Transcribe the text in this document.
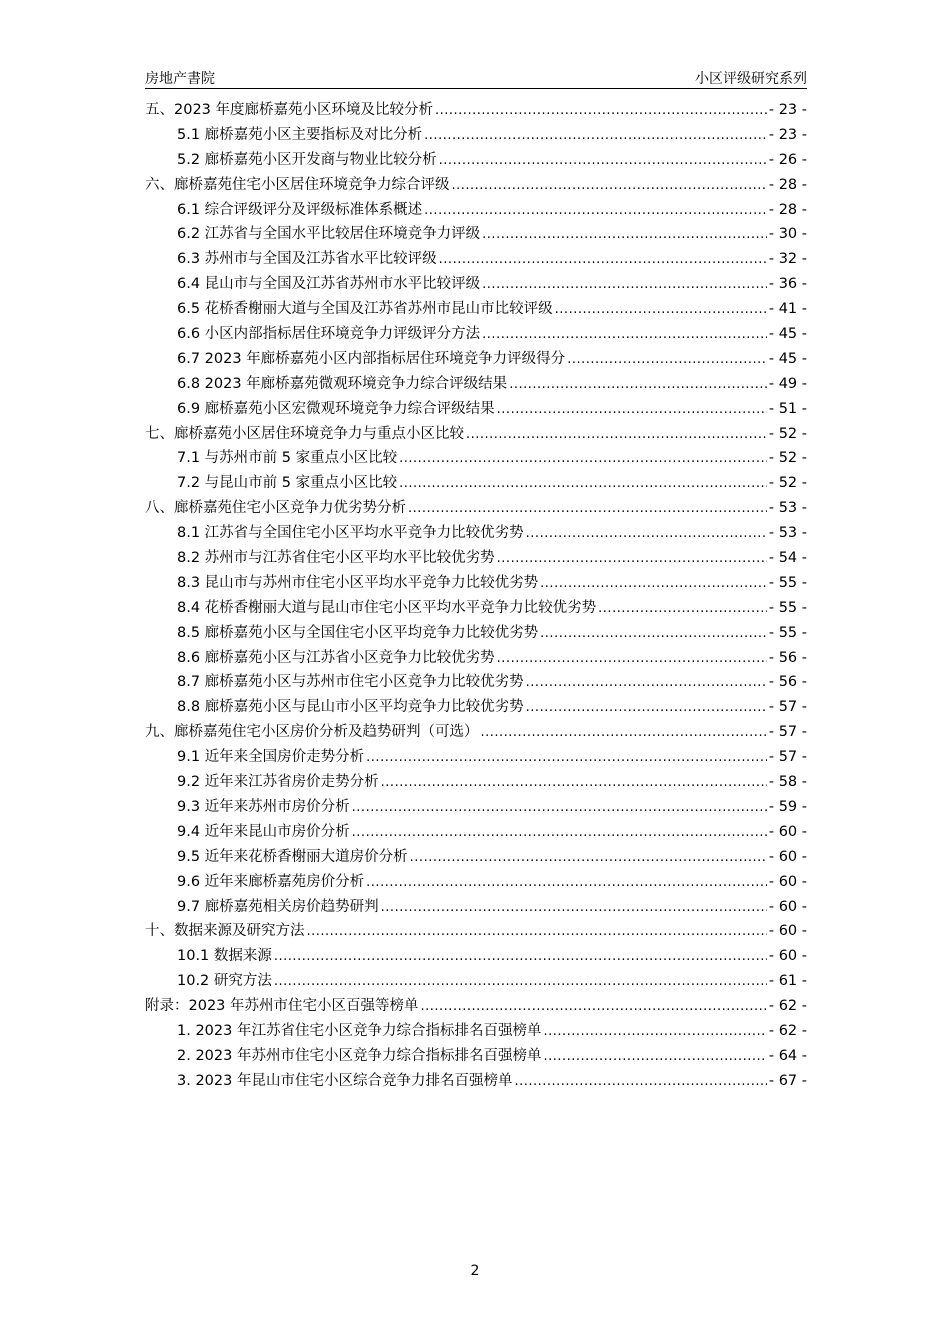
房地产書院	小区评级研究系列
五、2023 年度廊桥嘉苑小区环境及比较分析 .....	- 23 -
5.1 廊桥嘉苑小区主要指标及对比分析 .....	- 23 -
5.2 廊桥嘉苑小区开发商与物业比较分析 .....	- 26 -
六、廊桥嘉苑住宅小区居住环境竞争力综合评级 .....	- 28 -
6.1 综合评级评分及评级标准体系概述 .....	- 28 -
6.2 江苏省与全国水平比较居住环境竞争力评级 .....	- 30 -
6.3 苏州市与全国及江苏省水平比较评级 .....	- 32 -
6.4 昆山市与全国及江苏省苏州市水平比较评级 .....	- 36 -
6.5 花桥香榭丽大道与全国及江苏省苏州市昆山市比较评级 .....	- 41 -
6.6 小区内部指标居住环境竞争力评级评分方法 .....	- 45 -
6.7 2023 年廊桥嘉苑小区内部指标居住环境竞争力评级得分 .....	- 45 -
6.8 2023 年廊桥嘉苑微观环境竞争力综合评级结果 .....	- 49 -
6.9 廊桥嘉苑小区宏微观环境竞争力综合评级结果 .....	- 51 -
七、廊桥嘉苑小区居住环境竞争力与重点小区比较 .....	- 52 -
7.1 与苏州市前 5 家重点小区比较 .....	- 52 -
7.2 与昆山市前 5 家重点小区比较 .....	- 52 -
八、廊桥嘉苑住宅小区竞争力优劣势分析 .....	- 53 -
8.1 江苏省与全国住宅小区平均水平竞争力比较优劣势 .....	- 53 -
8.2 苏州市与江苏省住宅小区平均水平比较优劣势 .....	- 54 -
8.3 昆山市与苏州市住宅小区平均水平竞争力比较优劣势 .....	- 55 -
8.4 花桥香榭丽大道与昆山市住宅小区平均水平竞争力比较优劣势 .....	- 55 -
8.5 廊桥嘉苑小区与全国住宅小区平均竞争力比较优劣势 .....	- 55 -
8.6 廊桥嘉苑小区与江苏省小区竞争力比较优劣势 .....	- 56 -
8.7 廊桥嘉苑小区与苏州市住宅小区竞争力比较优劣势 .....	- 56 -
8.8 廊桥嘉苑小区与昆山市小区平均竞争力比较优劣势 .....	- 57 -
九、廊桥嘉苑住宅小区房价分析及趋势研判（可选） .....	- 57 -
9.1 近年来全国房价走势分析 .....	- 57 -
9.2 近年来江苏省房价走势分析 .....	- 58 -
9.3 近年来苏州市房价分析 .....	- 59 -
9.4 近年来昆山市房价分析 .....	- 60 -
9.5 近年来花桥香榭丽大道房价分析 .....	- 60 -
9.6 近年来廊桥嘉苑房价分析 .....	- 60 -
9.7 廊桥嘉苑相关房价趋势研判 .....	- 60 -
十、数据来源及研究方法 .....	- 60 -
10.1 数据来源 .....	- 60 -
10.2 研究方法 .....	- 61 -
附录：2023 年苏州市住宅小区百强等榜单 .....	- 62 -
1. 2023 年江苏省住宅小区竞争力综合指标排名百强榜单 .....	- 62 -
2. 2023 年苏州市住宅小区竞争力综合指标排名百强榜单 .....	- 64 -
3. 2023 年昆山市住宅小区综合竞争力排名百强榜单 .....	- 67 -
2
